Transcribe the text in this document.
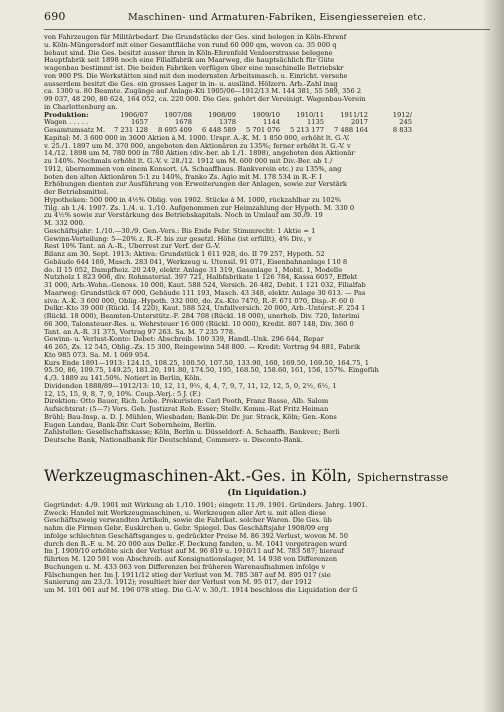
690	Maschinen- und Armaturen-Fabriken, Eisengiessereien etc.

von Fahrzeugen für Militärbedarf. Die Grundstücke der Ges. sind belegen in Köln-Ehrenf

u. Köln-Müngersdorf mit einer Gesamtfläche von rund 60 000 qm, wovon ca. 35 000 q

bebaut sind. Die Ges. besitzt ausser ihren in Köln-Ehrenfeld Venloerstrasse belegene

Hauptfabrik seit 1898 noch eine Filialfabrik am Maarweg, die hauptsächlich für Güte

wagenbau bestimmt ist. Die beiden Fabriken verfügen über eine maschinelle Betriebskr

von 900 PS. Die Werkstätten sind mit den modernsten Arbeitsmasch. u. Einricht. versehe

ausserdem besitzt die Ges. ein grosses Lager in in- u. ausländ. Hölzern. Arb.-Zahl insg

ca. 1300 u. 80 Beamte. Zugänge auf Anlage-Kti 1905/06—1912/13 M. 144 381, 55 589, 356 2

99 037, 48 290, 80 624, 164 052, ca. 220 000. Die Ges. gehört der Vereinigt. Wagenbau-Verein

in Charlottenburg an.

Produktion:	1906/07	1907/08	1908/09	1909/10	1910/11	1911/12	1912/
Wagen . . . . .	1657	1678	1378	1144	1135	2017	245
Gesamtumsatz M.	7 231 128	8 695 409	6 448 589	5 701 076	5 213 177	7 488 164	8 833

Kapital: M. 3 600 000 in 3600 Aktien à M. 1000. Urspr. A.-K. M. 1 850 000, erhöht lt. G.-V.

v. 25./1. 1897 um M. 370 000, angeboten den Aktionären zu 135%; ferner erhöht lt. G.-V. v

14./12. 1898 um M. 780 000 in 780 Aktien (div.-ber. ab 1./1. 1898), angeboten den Aktionär

zu 140%. Nochmals erhöht lt. G.-V. v. 28./12. 1912 um M. 600 000 mit Div.-Ber. ab 1./

1912, übernommen von einem Konsort. (A. Schaaffhaus. Bankverein etc.) zu 135%, ang

boten den alten Aktionären 5:1 zu 140%, franko Zs. Agio mit M. 178 534 in R.-F. I

Erhöhungen dienten zur Ausführung von Erweiterungen der Anlagen, sowie zur Verstärk

der Betriebsmittel.

Hypotheken: 500 000 in 4½% Oblig. von 1902. Stücke à M. 1000, rückzahlbar zu 102%

Tilg. ab 1./4. 1907. Zs. 1./4. u. 1./10. Aufgenommen zur Heimzahlung der Hypoth. M. 330 0

zu 4½% sowie zur Verstärkung des Betriebskapitals. Noch in Umlauf am 30./9. 19

M. 332 000.

Geschäftsjahr: 1./10.—30./9. Gen.-Vers.: Bis Ende Febr. Stimmrecht: 1 Aktie = 1

Gewinn-Verteilung: 5—20% z. R.-F. bis zur gesetzl. Höhe (ist erfüllt), 4% Div., v

Rest 10% Tant. an A.-R., Überrest zur Verf. der G.-V.

Bilanz am 30. Sept. 1913: Aktiva: Grundstück 1 611 928, do. II 79 257, Hypoth. 52

Gebäude 644 169, Masch. 283 041, Werkzeug u. Utensil. 91 071, Eisenbahnanlage I 10 8

do. II 15 052, Dampfheiz. 20 249, elektr. Anlage 31 319, Gasanlage 1, Mobil. 1, Modelle

Nutzholz 1 823 906, div. Rohmaterial. 397 721, Halbfabrikate 1 126 784, Kassa 6057, Effekt

31 000, Arb.-Wohn.-Genoss. 10 000, Kaut. 588 524, Versich. 26 482, Debit. 1 121 032, Filialfab

Maarweg: Grundstück 67 000, Gebäude 111 193, Masch. 43 348, elektr. Anlage 30 613. — Pas

siva: A.-K. 3 600 000, Oblig.-Hypoth. 332 000, do. Zs.-Kto 7470, R.-F. 671 070, Disp.-F. 60 0

Delkr.-Kto 39 000 (Rückl. 14 220), Kaut. 588 524, Unfallversich. 20 000, Arb.-Unterst.-F. 254 1

(Rückl. 18 000), Beamten-Unterstütz.-F. 284 708 (Rückl. 18 000), unerhob. Div. 720, Interimi

66 300, Talonsteuer-Res. u. Wehrsteuer 16 000 (Rückl. 10 000), Kredit. 807 148, Div. 360 0

Tant. an A.-R. 31 375, Vortrag 97 263. Sa. M. 7 235 778.

Gewinn- u. Verlust-Konto: Debet: Abschreib. 100 339, Handl.-Unk. 296 644, Repar

46 265, Zs. 12 545, Oblig.-Zs. 15 300, Reingewinn 548 800. — Kredit: Vortrag 94 881, Fabrik

Kto 985 073. Sa. M. 1 069 954.

Kurs Ende 1891—1913: 124.15, 108.25, 100.50, 107.50, 133.90, 160, 169.50, 169.50, 164.75, 1

95.50, 86, 109.75, 149.25, 181.20, 191.80, 174.50, 195, 168.50, 158.60, 161, 156, 157%. Eingefüh

4./3. 1889 zu 141.50%. Notiert in Berlin, Köln.

Dividenden 1888/89—1912/13: 10, 12, 11, 9½, 4, 4, 7, 9, 7, 11, 12, 12, 5, 0, 2½, 6½, 1

12, 15, 15, 9, 8, 7, 9, 10%. Coup.-Verj.: 5 J. (F.)

Direktion: Otto Bauer, Rich. Lobe. Prokuristen: Carl Pooth, Franz Basse, Alb. Salom

Aufsichtsrat: (5—7) Vors. Geh. Justizrat Rob. Esser; Stellv. Komm.-Rat Fritz Heiman

Brühl; Bau-Insp. a. D. J. Mühlen, Wiesbaden; Bank-Dir. Dr. jur. Strack, Köln; Gen.-Kons

Eugen Landau, Bank-Dir. Curt Sobernheim, Berlin.

Zahlstellen: Gesellschaftskasse; Köln, Berlin u. Düsseldorf: A. Schaaffh. Bankver.; Berli

Deutsche Bank, Nationalbank für Deutschland, Commerz- u. Disconto-Bank.

Werkzeugmaschinen-Akt.-Ges. in Köln, Spichernstrasse
(In Liquidation.)

Gegründet: 4./9. 1901 mit Wirkung ab 1./10. 1901; eingetr. 11./9. 1901. Gründers. Jahrg. 1901.

Zweck: Handel mit Werkzeugmaschinen, u. Werkzeugen aller Art u. mit allen diese

Geschäftszweig verwandten Artikeln, sowie die Fabrikat. solcher Waren. Die Ges. üb

nahm die Firmen Gebr. Euskirchen u. Gebr. Spiegel. Das Geschäftsjahr 1908/09 erg

infolge schlechten Geschäftsganges u. gedrückter Preise M. 86 392 Verlust, wovon M. 50

durch den R.-F. u. M. 20 000 aus Delkr.-F. Deckung fanden, u. M. 1041 vorgetragen wurd

Im J. 1909/10 erhöhte sich der Verlust auf M. 96 819 u. 1910/11 auf M. 783 587; hierauf

führten M. 120 591 von Abschreib. auf Konsignationslager, M. 14 938 von Differenzen

Buchungen u. M. 433 063 von Differenzen bei früheren Warenaufnahmen infolge v

Fälschungen her. Im J. 1911/12 stieg der Verlust von M. 785 387 auf M. 895 017 (sie

Sanierung am 23./3. 1912); resultiert hier der Verlust von M. 95 017, der 1912

um M. 101 061 auf M. 196 078 stieg. Die G.-V. v. 30./1. 1914 beschloss die Liquidation der G
